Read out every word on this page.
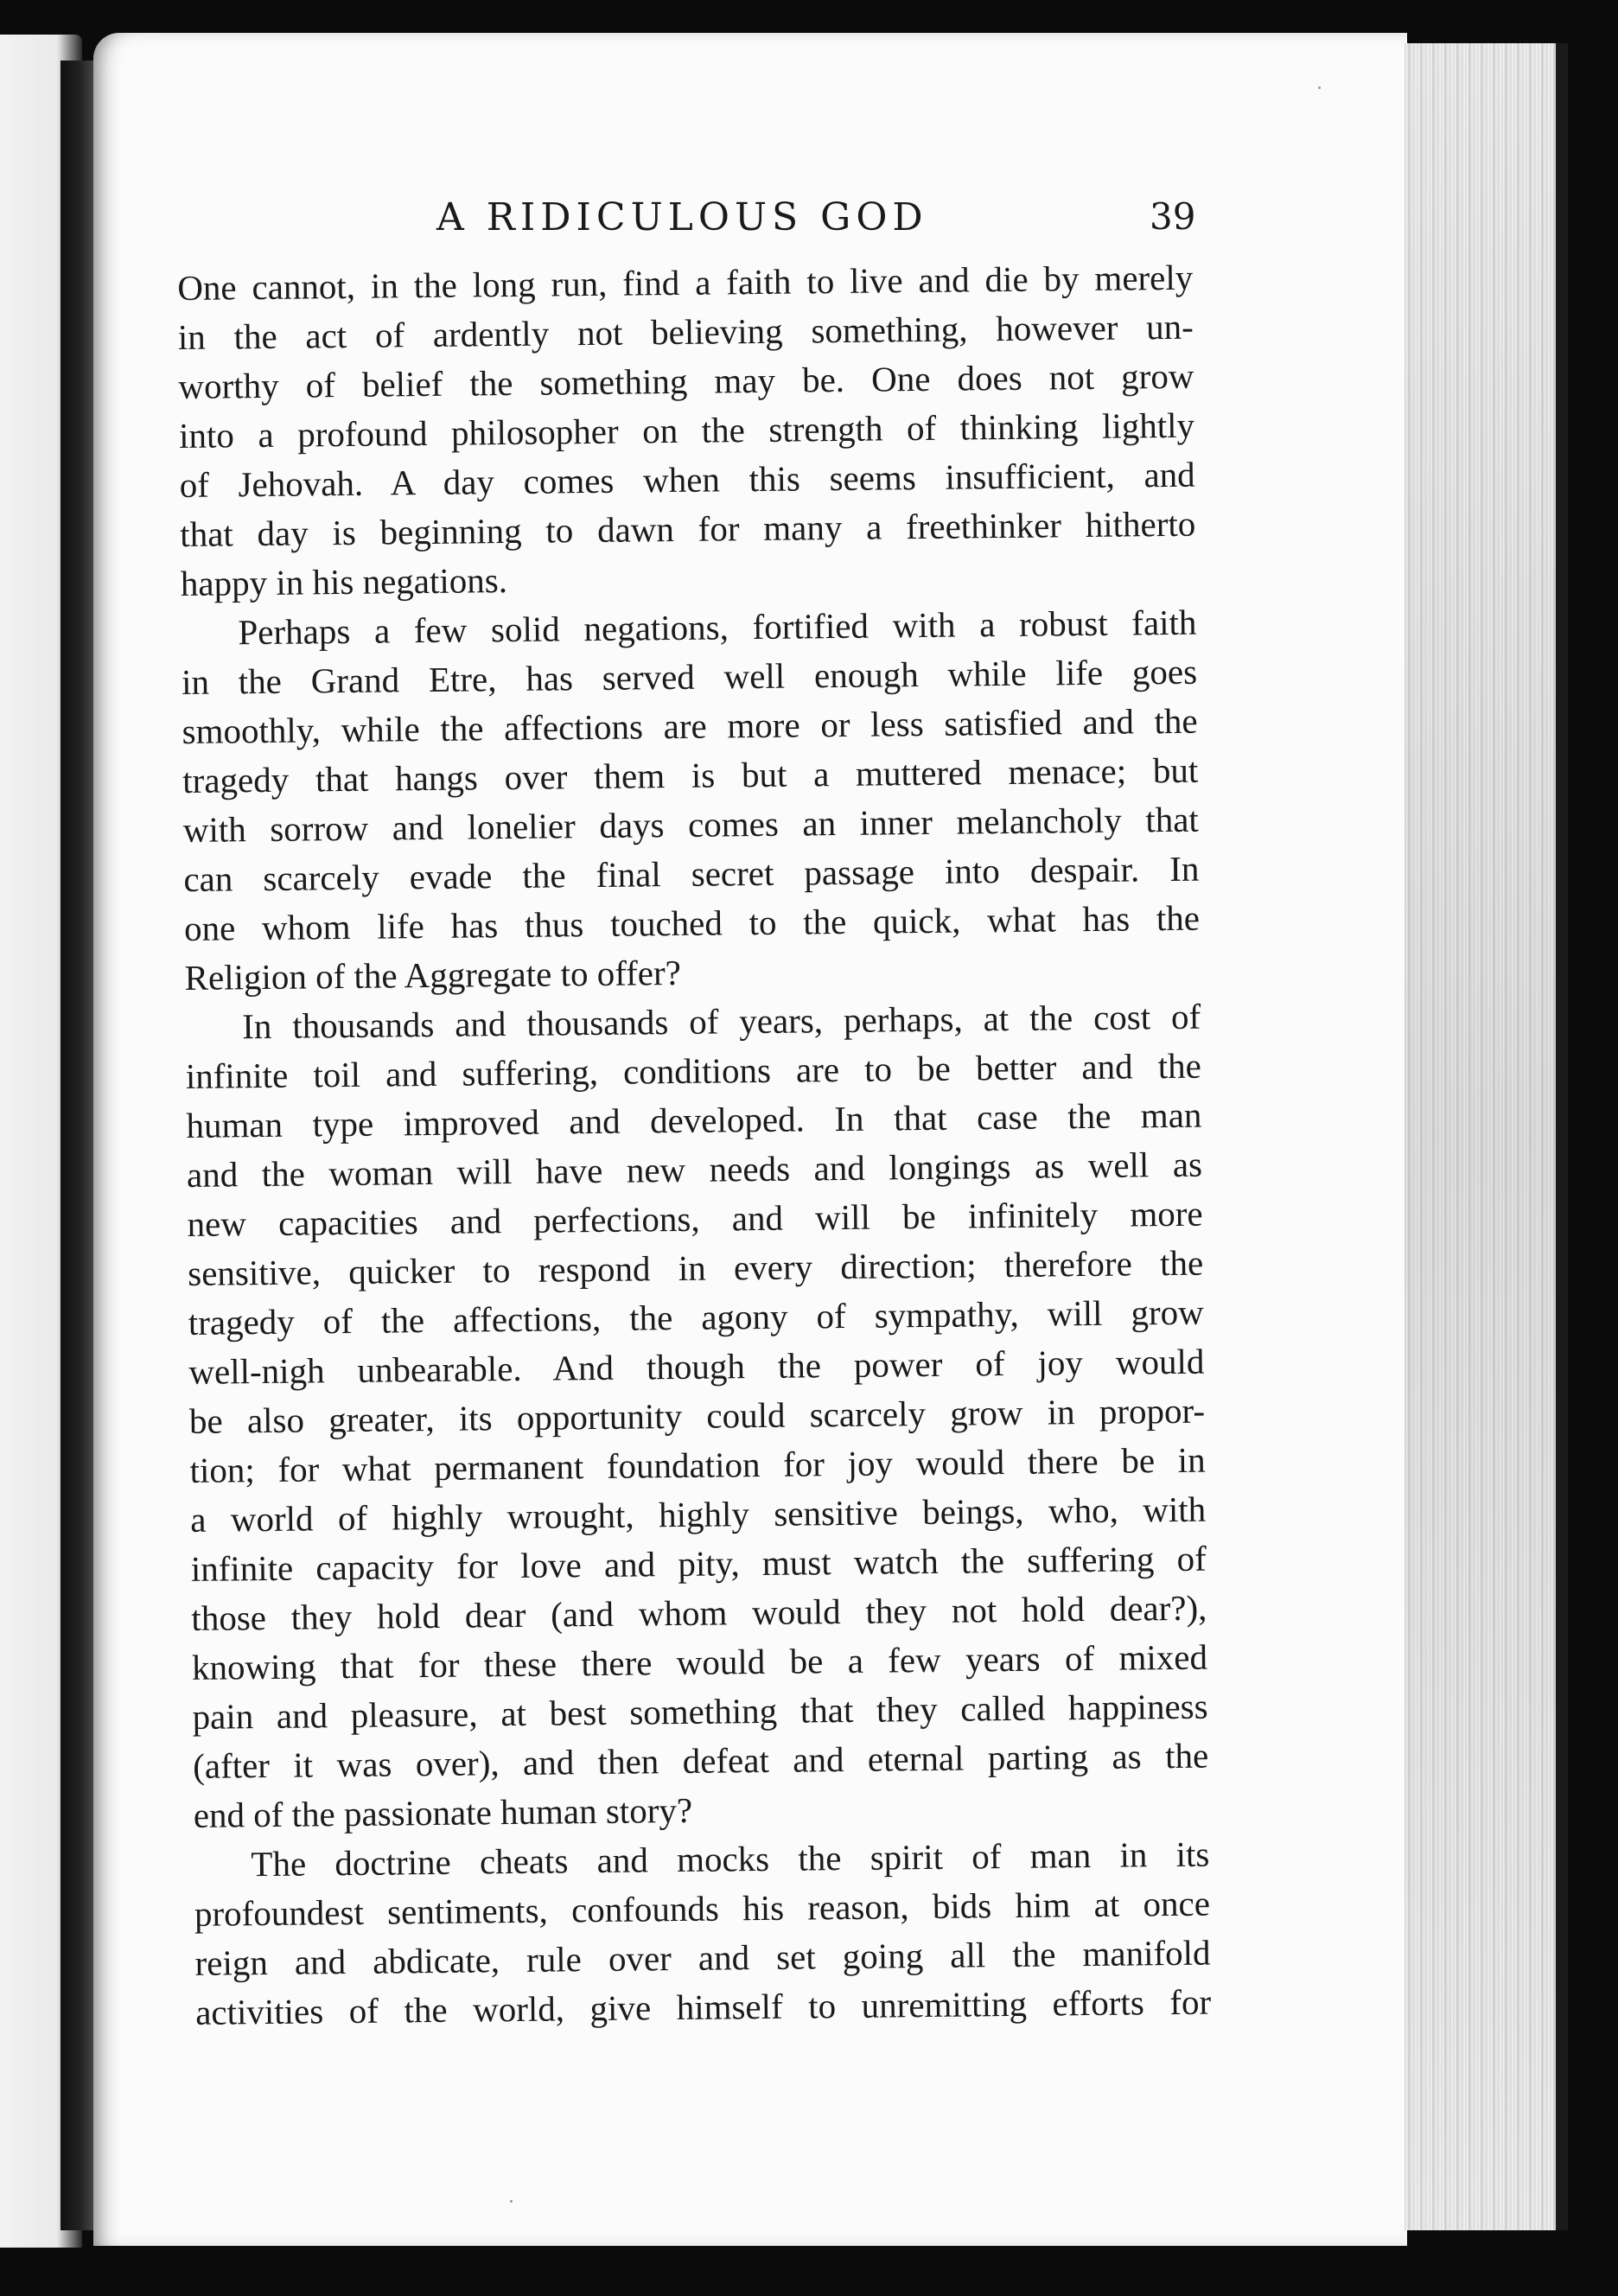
A RIDICULOUS GOD	39

One cannot, in the long run, find a faith to live and die by merely

in the act of ardently not believing something, however un-

worthy of belief the something may be. One does not grow

into a profound philosopher on the strength of thinking lightly

of Jehovah. A day comes when this seems insufficient, and

that day is beginning to dawn for many a freethinker hitherto

happy in his negations.

Perhaps a few solid negations, fortified with a robust faith

in the Grand Etre, has served well enough while life goes

smoothly, while the affections are more or less satisfied and the

tragedy that hangs over them is but a muttered menace; but

with sorrow and lonelier days comes an inner melancholy that

can scarcely evade the final secret passage into despair. In

one whom life has thus touched to the quick, what has the

Religion of the Aggregate to offer?

In thousands and thousands of years, perhaps, at the cost of

infinite toil and suffering, conditions are to be better and the

human type improved and developed. In that case the man

and the woman will have new needs and longings as well as

new capacities and perfections, and will be infinitely more

sensitive, quicker to respond in every direction; therefore the

tragedy of the affections, the agony of sympathy, will grow

well-nigh unbearable. And though the power of joy would

be also greater, its opportunity could scarcely grow in propor-

tion; for what permanent foundation for joy would there be in

a world of highly wrought, highly sensitive beings, who, with

infinite capacity for love and pity, must watch the suffering of

those they hold dear (and whom would they not hold dear?),

knowing that for these there would be a few years of mixed

pain and pleasure, at best something that they called happiness

(after it was over), and then defeat and eternal parting as the

end of the passionate human story?

The doctrine cheats and mocks the spirit of man in its

profoundest sentiments, confounds his reason, bids him at once

reign and abdicate, rule over and set going all the manifold

activities of the world, give himself to unremitting efforts for
